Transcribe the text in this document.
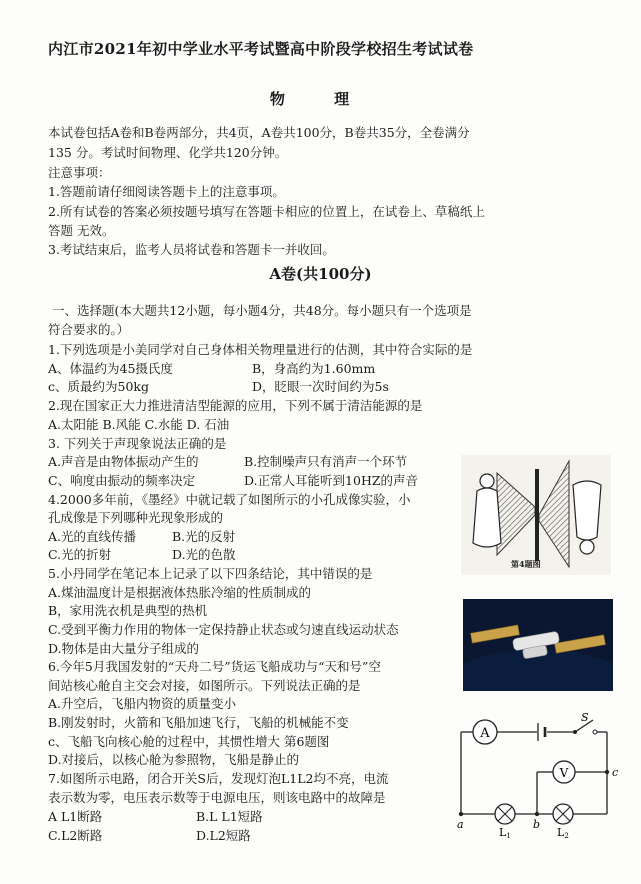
内江市2021年初中学业水平考试暨高中阶段学校招生考试试卷
物 理
本试卷包括A卷和B卷两部分，共4页，A卷共100分，B卷共35分，全卷满分
135 分。考试时间物理、化学共120分钟。
注意事项：
1.答题前请仔细阅读答题卡上的注意事项。
2.所有试卷的答案必须按题号填写在答题卡相应的位置上，在试卷上、草稿纸上
答题 无效。
3.考试结束后，监考人员将试卷和答题卡一并收回。
A卷(共100分)
一、选择题(本大题共12小题，每小题4分，共48分。每小题只有一个选项是
符合要求的。）
1.下列选项是小美同学对自己身体相关物理量进行的估测，其中符合实际的是
A、体温约为45摄氏度	B，身高约为1.60mm
c、质最约为50kg	D，眨眼一次时间约为5s
2.现在国家正大力推进清洁型能源的应用，下列不属于清洁能源的是
A.太阳能 B.风能 C.水能 D. 石油
3. 下列关于声现象说法正确的是
A.声音是由物体振动产生的	B.控制噪声只有消声一个环节
C、响度由振动的频率决定	D.正常人耳能听到10HZ的声音
4.2000多年前，《墨经》中就记载了如图所示的小孔成像实验，小
孔成像是下列哪种光现象形成的
A.光的直线传播	B.光的反射
C.光的折射	D.光的色散
5.小丹同学在笔记本上记录了以下四条结论，其中错误的是
A.煤油温度计是根据液体热胀冷缩的性质制成的
B，家用洗衣机是典型的热机
C.受到平衡力作用的物体一定保持静止状态或匀速直线运动状态
D.物体是由大量分子组成的
6.今年5月我国发射的“天舟二号”货运飞船成功与“天和号”空
间站核心舱自主交会对接，如图所示。下列说法正确的是
A.升空后，飞船内物资的质量变小
B.刚发射时，火箭和飞船加速飞行，飞船的机械能不变
c、飞船飞向核心舱的过程中，其惯性增大 第6题图
D.对接后，以核心舱为参照物，飞船是静止的
7.如图所示电路，闭合开关S后，发现灯泡L1L2均不亮，电流
表示数为零，电压表示数等于电源电压，则该电路中的故障是
A L1断路	B.L L1短路
C.L2断路	D.L2短路
第4题图
A
S
V
a	b
c
L1	L2
